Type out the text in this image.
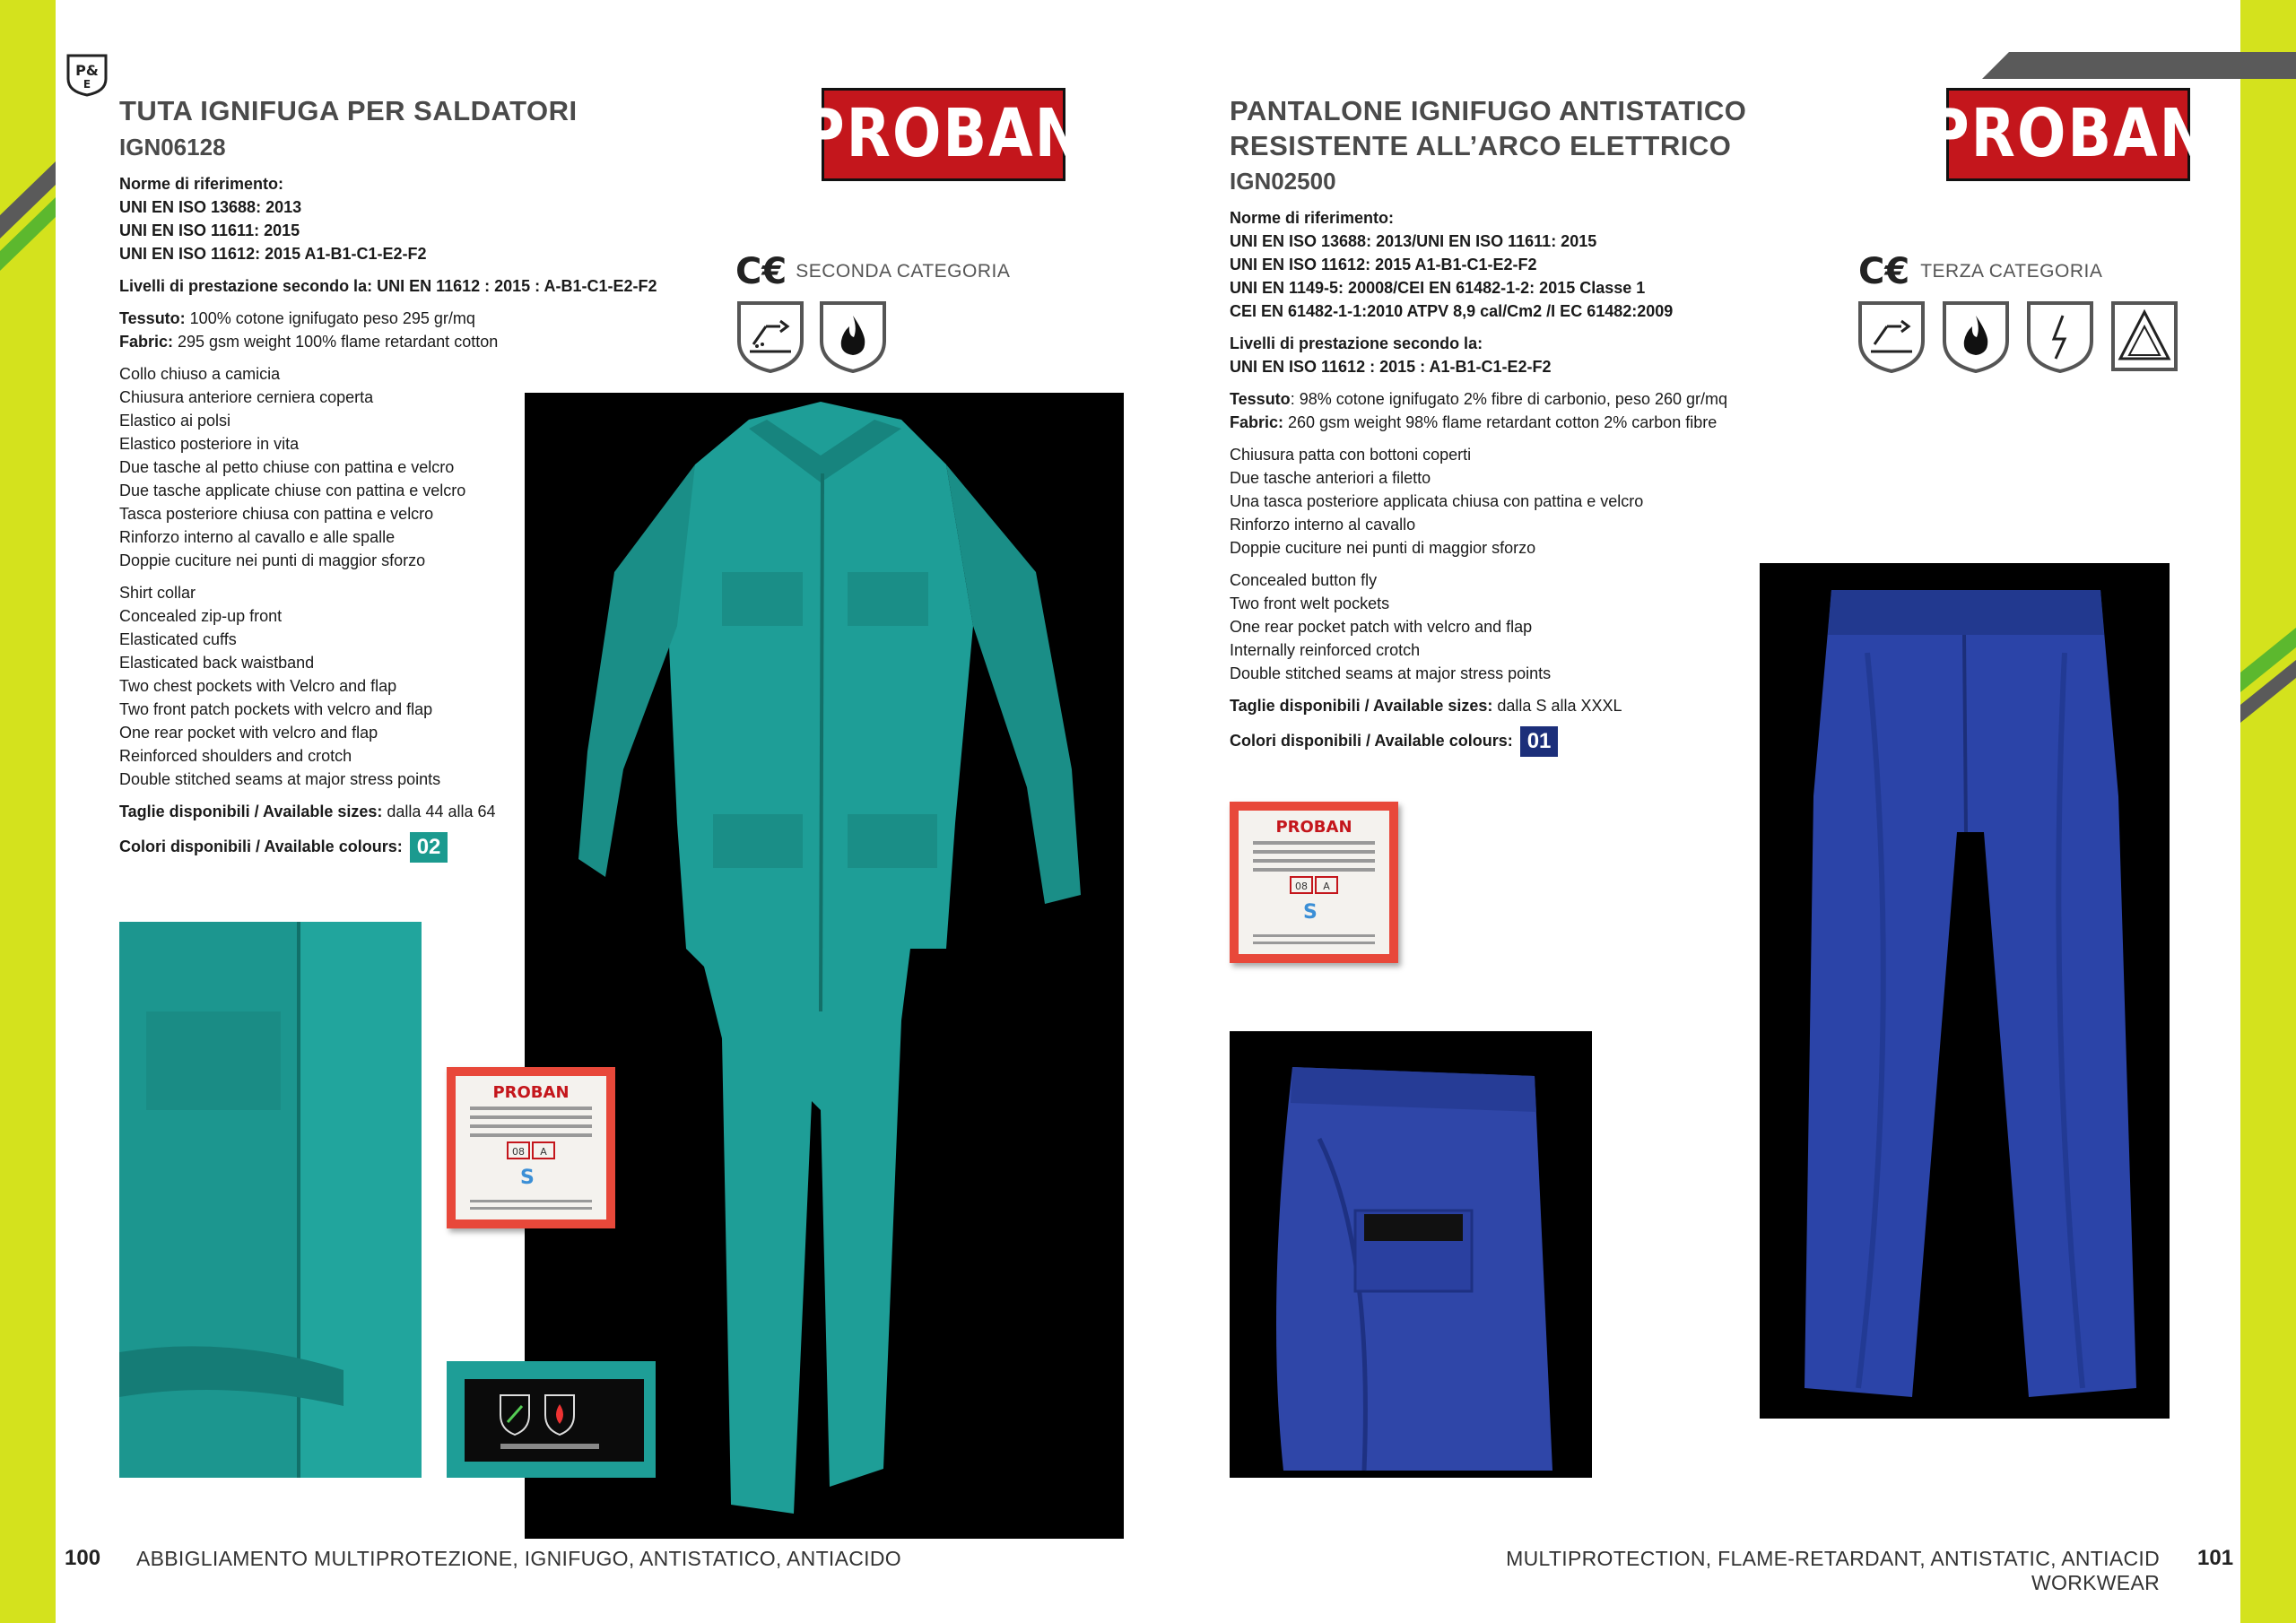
P&
E
TUTA IGNIFUGA PER SALDATORI
IGN06128
Norme di riferimento:
UNI EN ISO 13688: 2013
UNI EN ISO 11611: 2015
UNI EN ISO 11612: 2015 A1-B1-C1-E2-F2
Livelli di prestazione secondo la: UNI EN 11612 : 2015 : A-B1-C1-E2-F2
Tessuto: 100% cotone ignifugato peso 295 gr/mq
Fabric: 295 gsm weight 100% flame retardant cotton
Collo chiuso a camicia
Chiusura anteriore cerniera coperta
Elastico ai polsi
Elastico posteriore in vita
Due tasche al petto chiuse con pattina e velcro
Due tasche applicate chiuse con pattina e velcro
Tasca posteriore chiusa con pattina e velcro
Rinforzo interno al cavallo e alle spalle
Doppie cuciture nei punti di maggior sforzo
Shirt collar
Concealed zip-up front
Elasticated cuffs
Elasticated back waistband
Two chest pockets with Velcro and flap
Two front patch pockets with velcro and flap
One rear pocket with velcro and flap
Reinforced shoulders and crotch
Double stitched seams at major stress points
Taglie disponibili / Available sizes: dalla 44 alla 64
Colori disponibili / Available colours: 02
PROBAN
C€ SECONDA CATEGORIA
PROBAN
08 A
S
PANTALONE IGNIFUGO ANTISTATICO
RESISTENTE ALL’ARCO ELETTRICO
IGN02500
Norme di riferimento:
UNI EN ISO 13688: 2013/UNI EN ISO 11611: 2015
UNI EN ISO 11612: 2015 A1-B1-C1-E2-F2
UNI EN 1149-5: 20008/CEI EN 61482-1-2: 2015 Classe 1
CEI EN 61482-1-1:2010 ATPV 8,9 cal/Cm2 /I EC 61482:2009
Livelli di prestazione secondo la:
UNI EN ISO 11612 : 2015 : A1-B1-C1-E2-F2
Tessuto: 98% cotone ignifugato 2% fibre di carbonio, peso 260 gr/mq
Fabric: 260 gsm weight 98% flame retardant cotton 2% carbon fibre
Chiusura patta con bottoni coperti
Due tasche anteriori a filetto
Una tasca posteriore applicata chiusa con pattina e velcro
Rinforzo interno al cavallo
Doppie cuciture nei punti di maggior sforzo
Concealed button fly
Two front welt pockets
One rear pocket patch with velcro and flap
Internally reinforced crotch
Double stitched seams at major stress points
Taglie disponibili / Available sizes: dalla S alla XXXL
Colori disponibili / Available colours: 01
PROBAN
C€ TERZA CATEGORIA
PROBAN
08 A
S
100 ABBIGLIAMENTO MULTIPROTEZIONE, IGNIFUGO, ANTISTATICO, ANTIACIDO	MULTIPROTECTION, FLAME-RETARDANT, ANTISTATIC, ANTIACID WORKWEAR
101
